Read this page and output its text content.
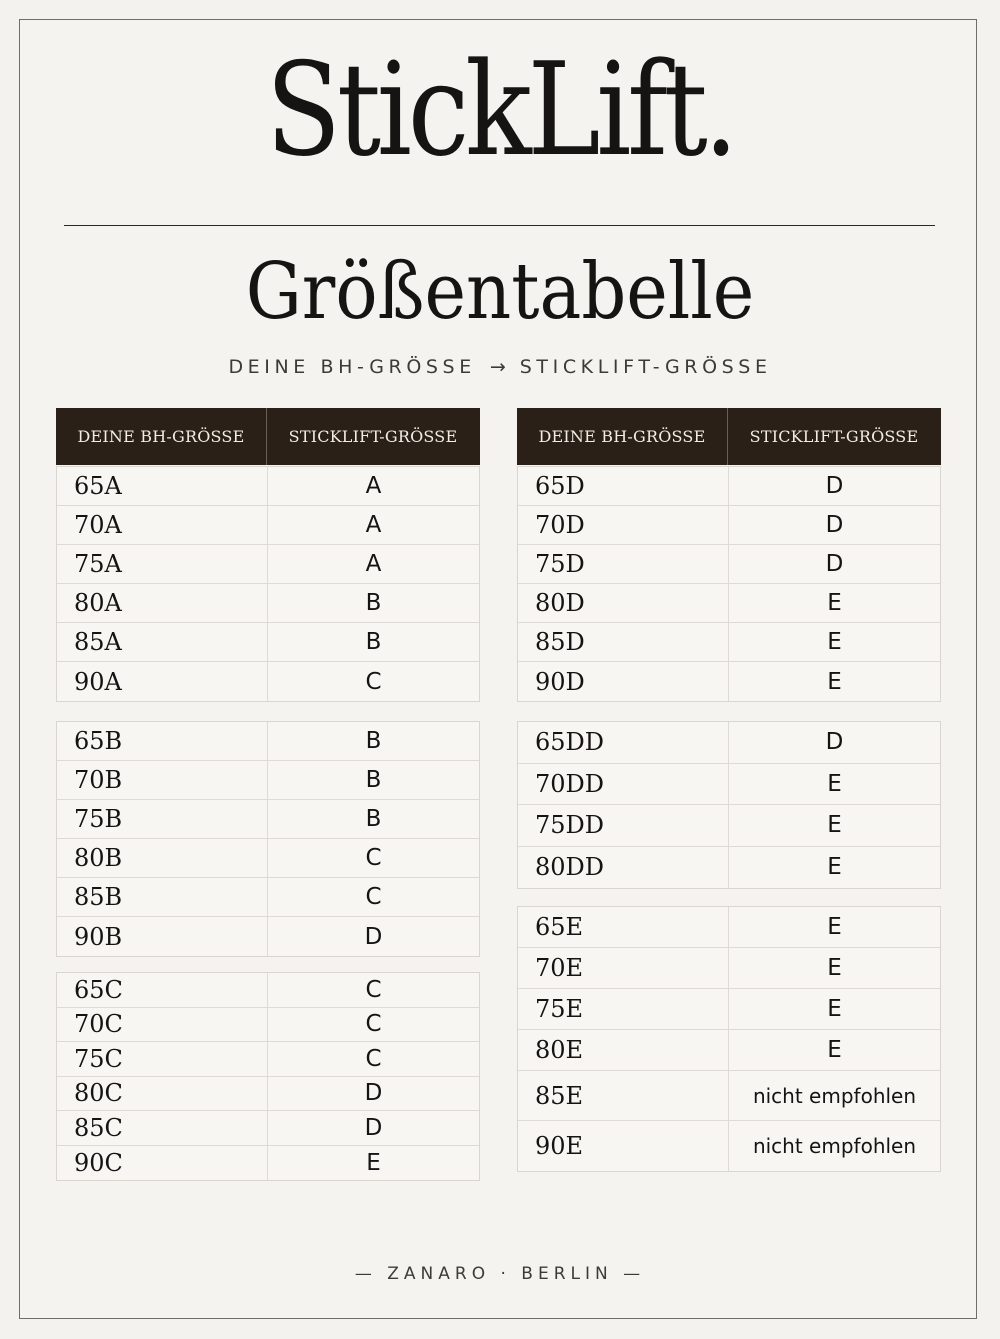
StickLift.
Größentabelle
DEINE BH-GRÖSSE → STICKLIFT-GRÖSSE
DEINE BH-GRÖSSE	STICKLIFT-GRÖSSE	DEINE BH-GRÖSSE	STICKLIFT-GRÖSSE
65A	A
70A	A
75A	A
80A	B
85A	B
90A	C
65B	B
70B	B
75B	B
80B	C
85B	C
90B	D
65C	C
70C	C
75C	C
80C	D
85C	D
90C	E
65D	D
70D	D
75D	D
80D	E
85D	E
90D	E
65DD	D
70DD	E
75DD	E
80DD	E
65E	E
70E	E
75E	E
80E	E
85E	nicht empfohlen
90E	nicht empfohlen
— ZANARO · BERLIN —
